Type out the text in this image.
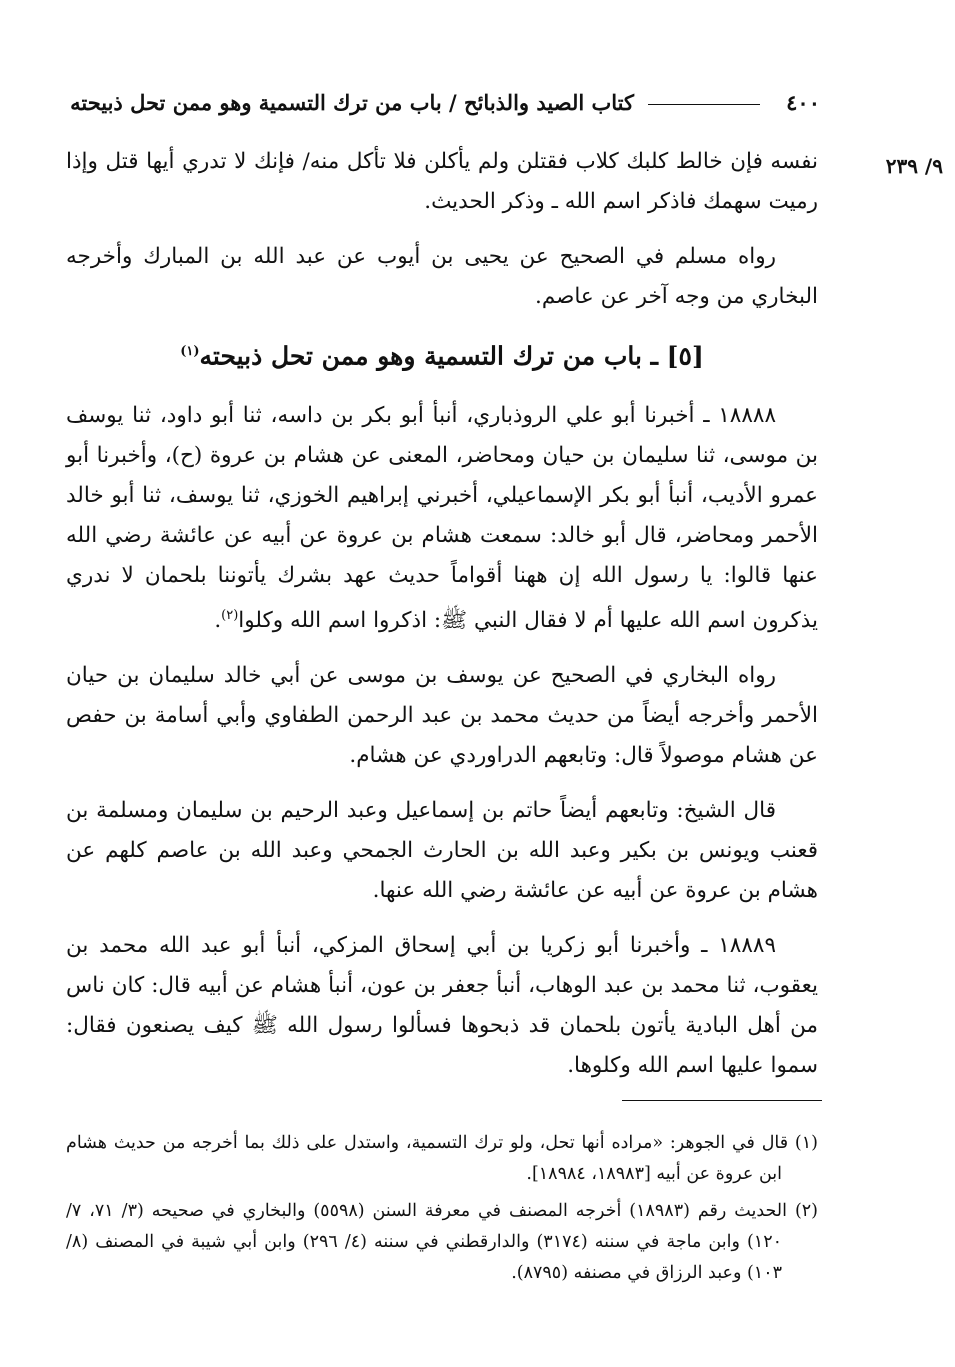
٤٠٠
كتاب الصيد والذبائح / باب من ترك التسمية وهو ممن تحل ذبيحته
٩/ ٢٣٩

نفسه فإن خالط كلبك كلاب فقتلن ولم يأكلن فلا تأكل منه/ فإنك لا تدري أيها قتل وإذا رميت سهمك فاذكر اسم الله ـ وذكر الحديث.

رواه مسلم في الصحيح عن يحيى بن أيوب عن عبد الله بن المبارك وأخرجه البخاري من وجه آخر عن عاصم.

[٥] ـ باب من ترك التسمية وهو ممن تحل ذبيحته$^{(١)}$

١٨٨٨٨ ـ أخبرنا أبو علي الروذباري، أنبأ أبو بكر بن داسه، ثنا أبو داود، ثنا يوسف بن موسى، ثنا سليمان بن حيان ومحاضر، المعنى عن هشام بن عروة (ح)، وأخبرنا أبو عمرو الأديب، أنبأ أبو بكر الإسماعيلي، أخبرني إبراهيم الخوزي، ثنا يوسف، ثنا أبو خالد الأحمر ومحاضر، قال أبو خالد: سمعت هشام بن عروة عن أبيه عن عائشة رضي الله عنها قالوا: يا رسول الله إن ههنا أقواماً حديث عهد بشرك يأتوننا بلحمان لا ندري يذكرون اسم الله عليها أم لا فقال النبي ﷺ: اذكروا اسم الله وكلوا$^{(٢)}$.

رواه البخاري في الصحيح عن يوسف بن موسى عن أبي خالد سليمان بن حيان الأحمر وأخرجه أيضاً من حديث محمد بن عبد الرحمن الطفاوي وأبي أسامة بن حفص عن هشام موصولاً قال: وتابعهم الدراوردي عن هشام.

قال الشيخ: وتابعهم أيضاً حاتم بن إسماعيل وعبد الرحيم بن سليمان ومسلمة بن قعنب ويونس بن بكير وعبد الله بن الحارث الجمحي وعبد الله بن عاصم كلهم عن هشام بن عروة عن أبيه عن عائشة رضي الله عنها.

١٨٨٨٩ ـ وأخبرنا أبو زكريا بن أبي إسحاق المزكي، أنبأ أبو عبد الله محمد بن يعقوب، ثنا محمد بن عبد الوهاب، أنبأ جعفر بن عون، أنبأ هشام عن أبيه قال: كان ناس من أهل البادية يأتون بلحمان قد ذبحوها فسألوا رسول الله ﷺ كيف يصنعون فقال: سموا عليها اسم الله وكلوها.

(١) قال في الجوهر: «مراده أنها تحل، ولو ترك التسمية، واستدل على ذلك بما أخرجه من حديث هشام ابن عروة عن أبيه [١٨٩٨٣، ١٨٩٨٤].

(٢) الحديث رقم (١٨٩٨٣) أخرجه المصنف في معرفة السنن (٥٥٩٨) والبخاري في صحيحه (٣/ ٧١، ٧/ ١٢٠) وابن ماجة في سننه (٣١٧٤) والدارقطني في سننه (٤/ ٢٩٦) وابن أبي شيبة في المصنف (٨/ ١٠٣) وعبد الرزاق في مصنفه (٨٧٩٥).
